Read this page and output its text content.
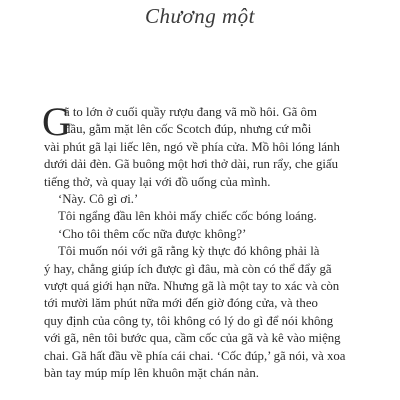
Chương một
G
ã to lớn ở cuối quầy rượu đang vã mồ hôi. Gã ôm
đầu, gằm mặt lên cốc Scotch đúp, nhưng cứ mỗi
vài phút gã lại liếc lên, ngó về phía cửa. Mồ hôi lóng lánh
dưới dải đèn. Gã buông một hơi thở dài, run rẩy, che giấu
tiếng thở, và quay lại với đồ uống của mình.
‘Này. Cô gì ơi.’
Tôi ngẩng đầu lên khỏi mấy chiếc cốc bóng loáng.
‘Cho tôi thêm cốc nữa được không?’
Tôi muốn nói với gã rằng kỳ thực đó không phải là
ý hay, chẳng giúp ích được gì đâu, mà còn có thể đẩy gã
vượt quá giới hạn nữa. Nhưng gã là một tay to xác và còn
tới mười lăm phút nữa mới đến giờ đóng cửa, và theo
quy định của công ty, tôi không có lý do gì để nói không
với gã, nên tôi bước qua, cầm cốc của gã và kê vào miệng
chai. Gã hất đầu về phía cái chai. ‘Cốc đúp,’ gã nói, và xoa
bàn tay múp míp lên khuôn mặt chán nản.
